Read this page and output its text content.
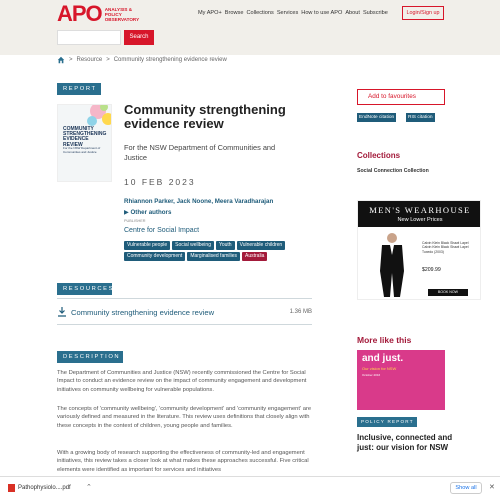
APO ANALYSIS & POLICY OBSERVATORY
My APO+ Browse Collections Services How to use APO About Subscribe	Login/Sign up
Search
> Resource > Community strengthening evidence review
REPORT
COMMUNITY STRENGTHENING EVIDENCE REVIEW
For the NSW Department of Communities and Justice
Community strengthening evidence review
For the NSW Department of Communities and Justice
10 FEB 2023
Rhiannon Parker, Jack Noone, Meera Varadharajan
▶ Other authors
PUBLISHER
Centre for Social Impact
Vulnerable people	Social wellbeing	Youth	Vulnerable children
Community development	Marginalised families	Australia
RESOURCES
Community strengthening evidence review	1.36 MB
DESCRIPTION
The Department of Communities and Justice (NSW) recently commissioned the Centre for Social Impact to conduct an evidence review on the impact of community engagement and development initiatives on community wellbeing for vulnerable populations.
The concepts of 'community wellbeing', 'community development' and 'community engagement' are variously defined and measured in the literature. This review uses definitions that closely align with these concepts in the context of children, young people and families.
With a growing body of research supporting the effectiveness of community-led and engagement initiatives, this review takes a closer look at what makes these approaches successful. Five critical elements were identified as important for services and initiatives
Add to favourites
EndNote citation	RIS citation
Collections
Social Connection Collection
MEN'S WEARHOUSE
New Lower Prices
Calvin Klein Black Shawl Lapel Calvin Klein Black Shawl Lapel Tuxedo (2003)
$209.99
BOOK NOW
More like this
and just.
Our vision for NSW
October 2016
POLICY REPORT
Inclusive, connected and just: our vision for NSW
Pathophysiolo....pdf ⌃	Show all	✕
